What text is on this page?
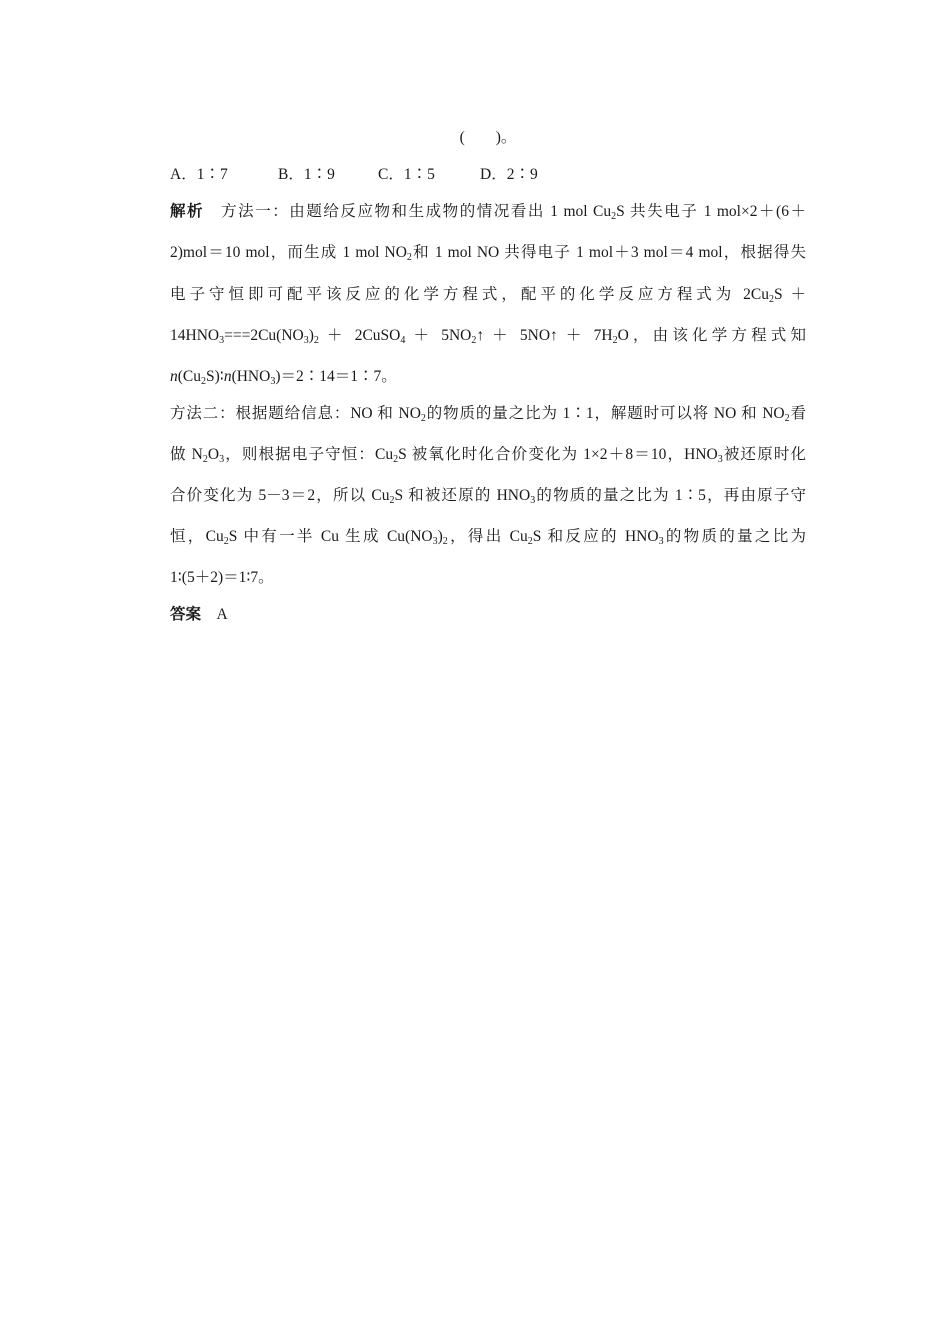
(　　)。
A．1∶7	B．1∶9	C．1∶5	D．2∶9
解析　 方法一：由题给反应物和生成物的情况看出 1 mol $Cu_2S$ 共失电子 1 mol×2＋(6＋
2)mol＝10 mol，而生成 1 mol $NO_2$和 1 mol NO 共得电子 1 mol＋3 mol＝4 mol，根据得失
电子守恒即可配平该反应的化学方程式，配平的化学反应方程式为 $2Cu_2S$ ＋
$14HNO_3===2Cu(NO_3)_2$ ＋ 2CuSO$_4$ ＋ $5NO_2↑$ ＋ 5NO↑ ＋ $7H_2O$，由该化学方程式知
$n(Cu_2S)∶n(HNO_3)=2∶14=1∶7$。
方法二：根据题给信息：NO 和 $NO_2$的物质的量之比为 1∶1，解题时可以将 NO 和 $NO_2$看
做 $N_2O_3$，则根据电子守恒：$Cu_2S$ 被氧化时化合价变化为 1×2＋8＝10，$HNO_3$被还原时化
合价变化为 5－3＝2，所以 $Cu_2S$ 和被还原的 $HNO_3$的物质的量之比为 1∶5，再由原子守
恒，$Cu_2S$ 中有一半 Cu 生成 $Cu(NO_3)_2$，得出 $Cu_2S$ 和反应的 $HNO_3$的物质的量之比为
1∶(5＋2)＝1∶7。
答案　 A
